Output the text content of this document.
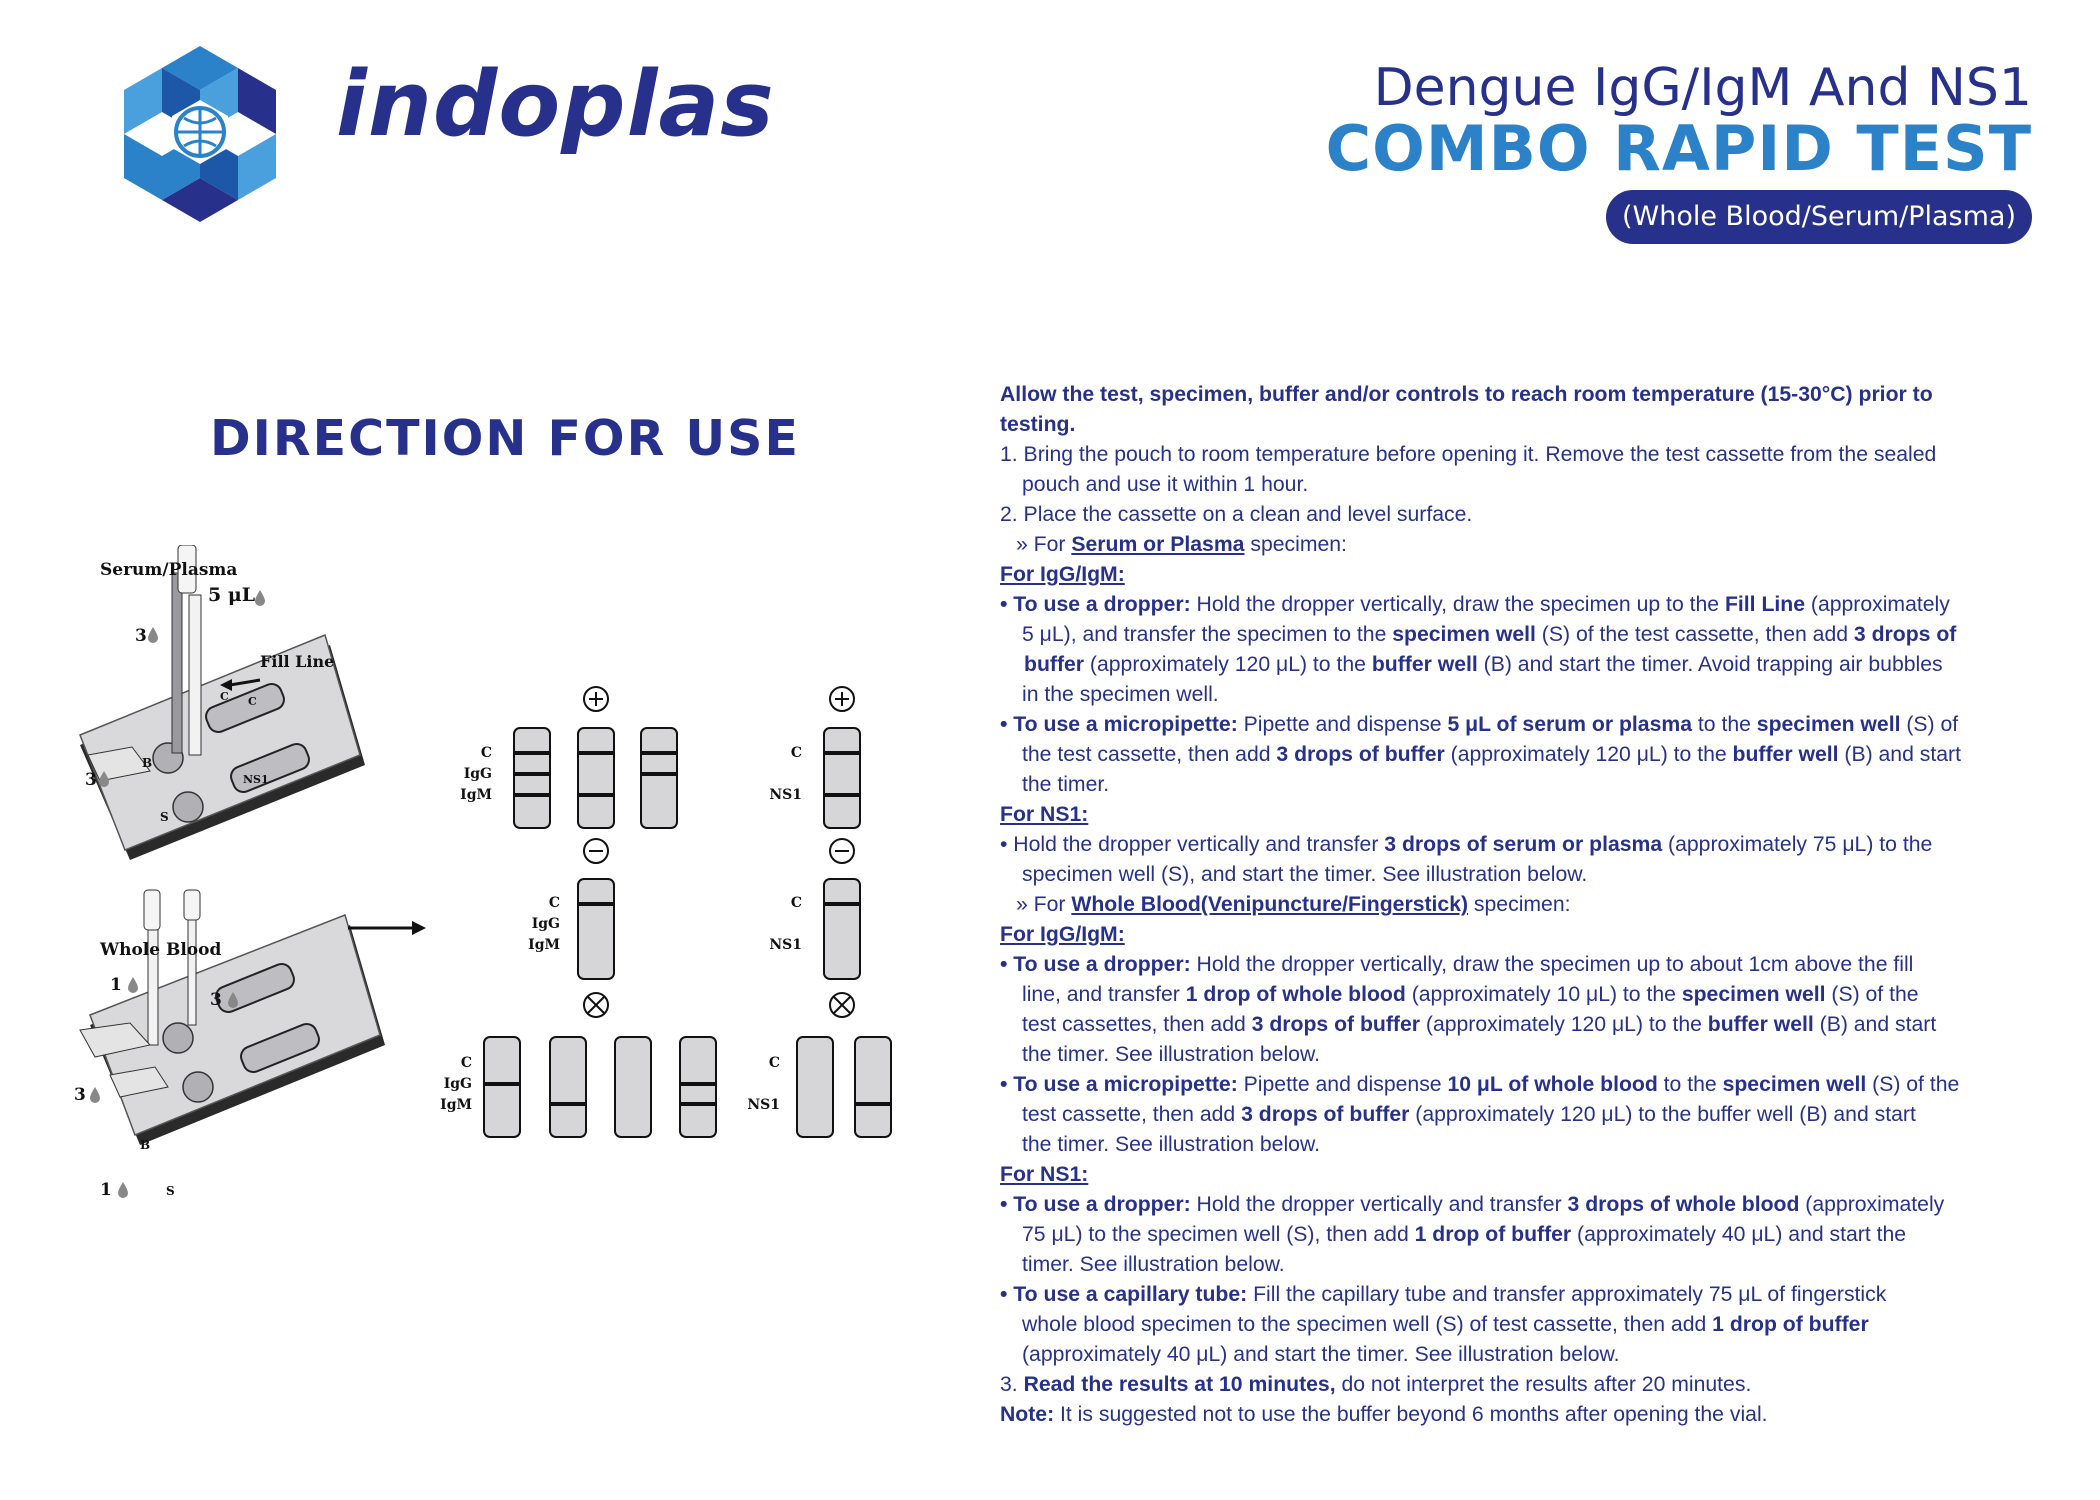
indoplas	Dengue IgG/IgM And NS1
COMBO RAPID TEST
(Whole Blood/Serum/Plasma)
DIRECTION FOR USE
Serum/Plasma
5 μL
Fill Line
3
3
B
S
C C
NS1
Whole Blood
1
3
3
1
B
S
C
IgG
IgM
C
IgG
IgM
C
IgG
IgM
C
NS1
C
NS1
C
NS1

Allow the test, specimen, buffer and/or controls to reach room temperature (15-30°C) prior to

testing.

1. Bring the pouch to room temperature before opening it. Remove the test cassette from the sealed

pouch and use it within 1 hour.

2. Place the cassette on a clean and level surface.

» For Serum or Plasma specimen:

For IgG/IgM:

• To use a dropper: Hold the dropper vertically, draw the specimen up to the Fill Line (approximately

5 μL), and transfer the specimen to the specimen well (S) of the test cassette, then add 3 drops of

buffer (approximately 120 μL) to the buffer well (B) and start the timer. Avoid trapping air bubbles

in the specimen well.

• To use a micropipette: Pipette and dispense 5 μL of serum or plasma to the specimen well (S) of

the test cassette, then add 3 drops of buffer (approximately 120 μL) to the buffer well (B) and start

the timer.

For NS1:

• Hold the dropper vertically and transfer 3 drops of serum or plasma (approximately 75 μL) to the

specimen well (S), and start the timer. See illustration below.

» For Whole Blood(Venipuncture/Fingerstick) specimen:

For IgG/IgM:

• To use a dropper: Hold the dropper vertically, draw the specimen up to about 1cm above the fill

line, and transfer 1 drop of whole blood (approximately 10 μL) to the specimen well (S) of the

test cassettes, then add 3 drops of buffer (approximately 120 μL) to the buffer well (B) and start

the timer. See illustration below.

• To use a micropipette: Pipette and dispense 10 μL of whole blood to the specimen well (S) of the

test cassette, then add 3 drops of buffer (approximately 120 μL) to the buffer well (B) and start

the timer. See illustration below.

For NS1:

• To use a dropper: Hold the dropper vertically and transfer 3 drops of whole blood (approximately

75 μL) to the specimen well (S), then add 1 drop of buffer (approximately 40 μL) and start the

timer. See illustration below.

• To use a capillary tube: Fill the capillary tube and transfer approximately 75 μL of fingerstick

whole blood specimen to the specimen well (S) of test cassette, then add 1 drop of buffer

(approximately 40 μL) and start the timer. See illustration below.

3. Read the results at 10 minutes, do not interpret the results after 20 minutes.

Note: It is suggested not to use the buffer beyond 6 months after opening the vial.
